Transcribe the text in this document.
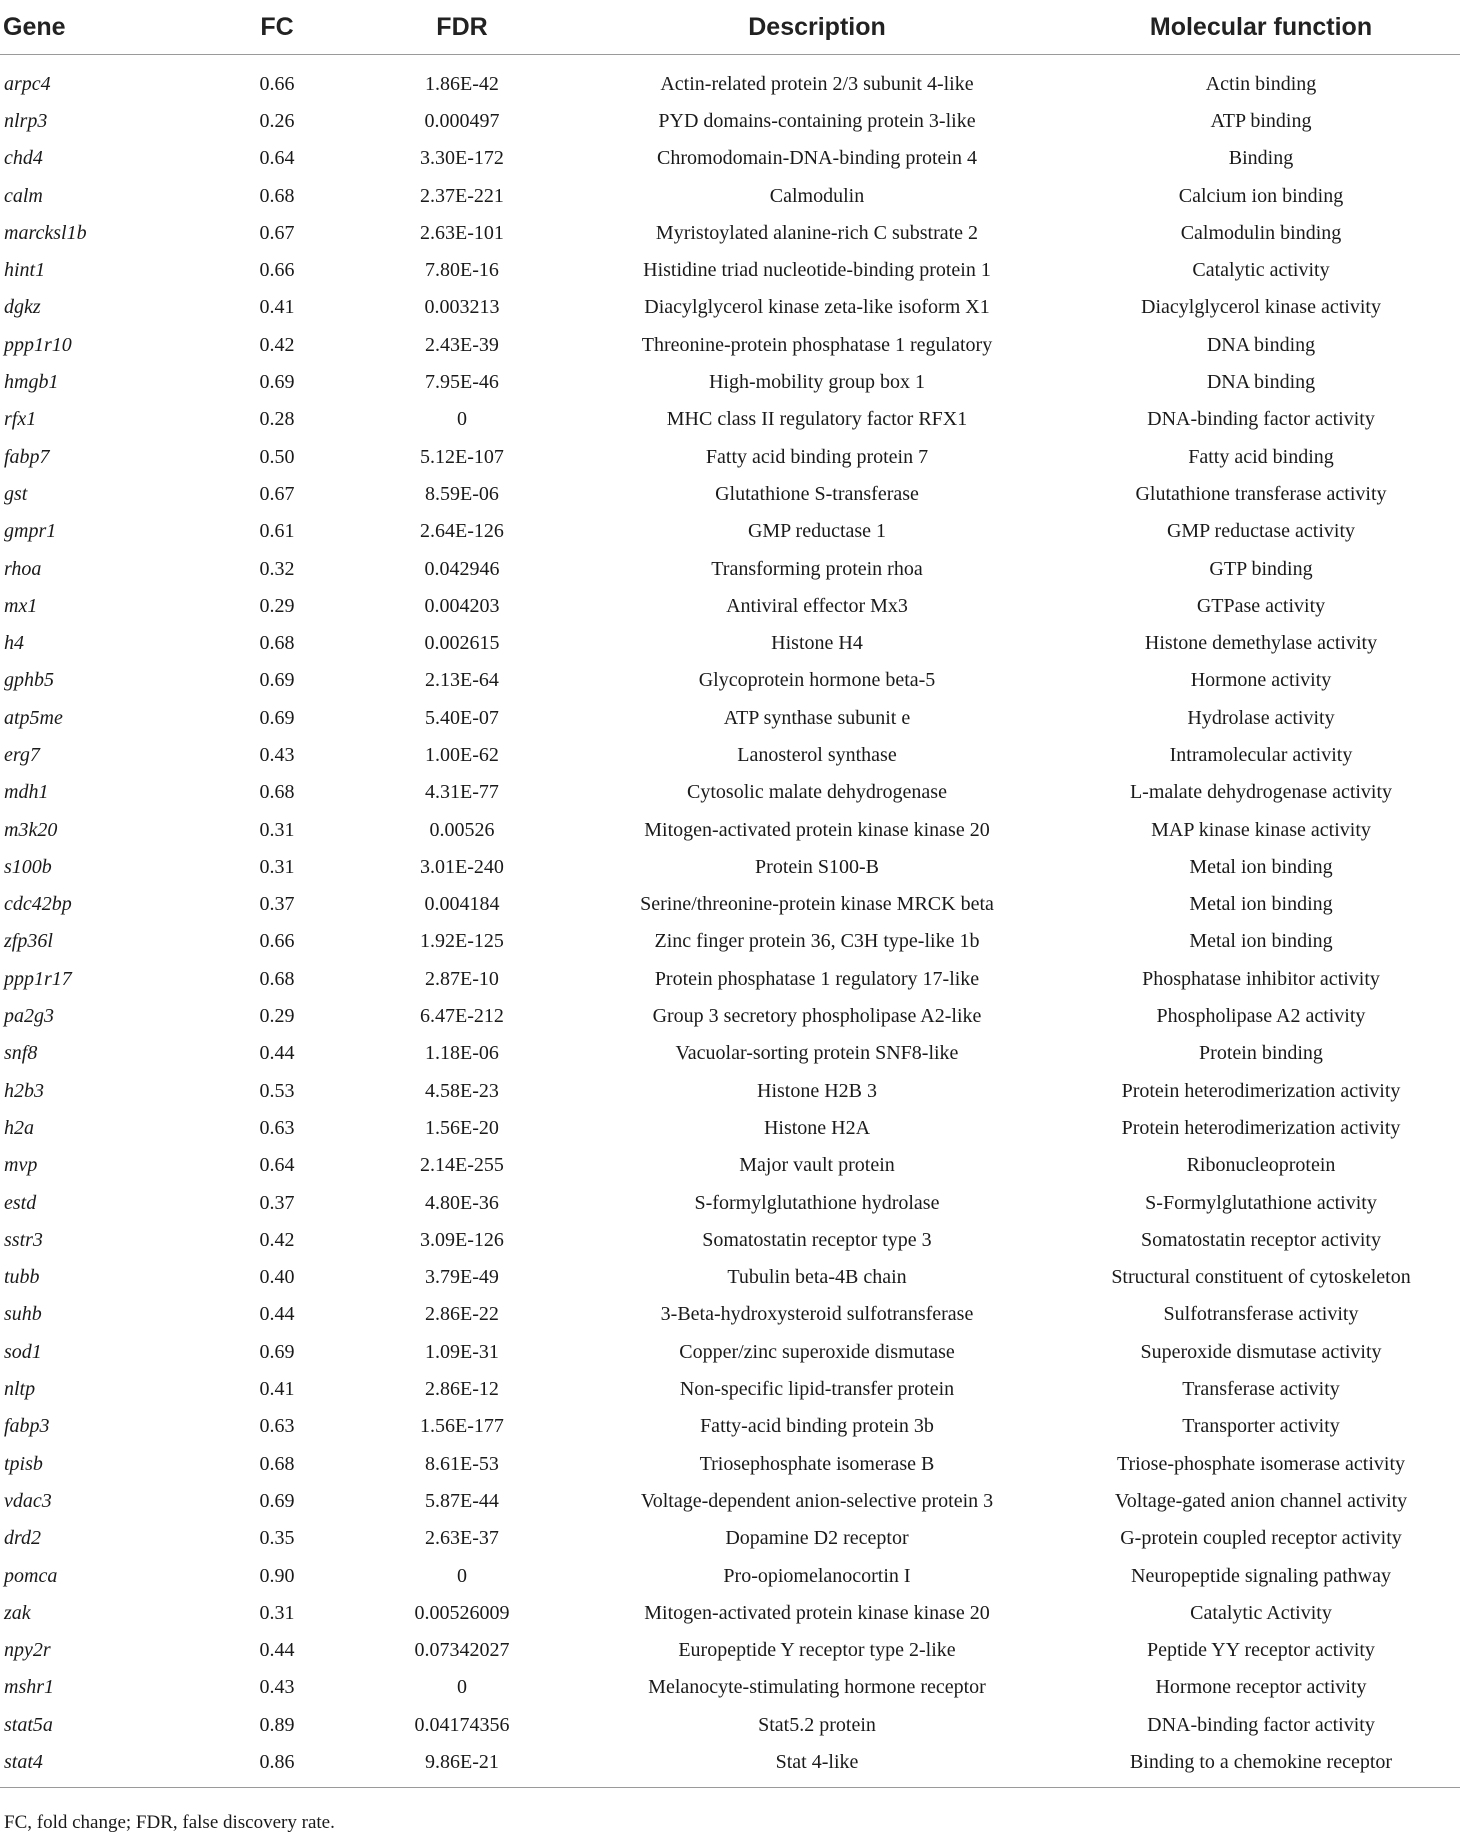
Gene	FC	FDR	Description	Molecular function

arpc4	0.66	1.86E-42	Actin-related protein 2/3 subunit 4-like	Actin binding
nlrp3	0.26	0.000497	PYD domains-containing protein 3-like	ATP binding
chd4	0.64	3.30E-172	Chromodomain-DNA-binding protein 4	Binding
calm	0.68	2.37E-221	Calmodulin	Calcium ion binding
marcksl1b	0.67	2.63E-101	Myristoylated alanine-rich C substrate 2	Calmodulin binding
hint1	0.66	7.80E-16	Histidine triad nucleotide-binding protein 1	Catalytic activity
dgkz	0.41	0.003213	Diacylglycerol kinase zeta-like isoform X1	Diacylglycerol kinase activity
ppp1r10	0.42	2.43E-39	Threonine-protein phosphatase 1 regulatory	DNA binding
hmgb1	0.69	7.95E-46	High-mobility group box 1	DNA binding
rfx1	0.28	0	MHC class II regulatory factor RFX1	DNA-binding factor activity
fabp7	0.50	5.12E-107	Fatty acid binding protein 7	Fatty acid binding
gst	0.67	8.59E-06	Glutathione S-transferase	Glutathione transferase activity
gmpr1	0.61	2.64E-126	GMP reductase 1	GMP reductase activity
rhoa	0.32	0.042946	Transforming protein rhoa	GTP binding
mx1	0.29	0.004203	Antiviral effector Mx3	GTPase activity
h4	0.68	0.002615	Histone H4	Histone demethylase activity
gphb5	0.69	2.13E-64	Glycoprotein hormone beta-5	Hormone activity
atp5me	0.69	5.40E-07	ATP synthase subunit e	Hydrolase activity
erg7	0.43	1.00E-62	Lanosterol synthase	Intramolecular activity
mdh1	0.68	4.31E-77	Cytosolic malate dehydrogenase	L-malate dehydrogenase activity
m3k20	0.31	0.00526	Mitogen-activated protein kinase kinase 20	MAP kinase kinase activity
s100b	0.31	3.01E-240	Protein S100-B	Metal ion binding
cdc42bp	0.37	0.004184	Serine/threonine-protein kinase MRCK beta	Metal ion binding
zfp36l	0.66	1.92E-125	Zinc finger protein 36, C3H type-like 1b	Metal ion binding
ppp1r17	0.68	2.87E-10	Protein phosphatase 1 regulatory 17-like	Phosphatase inhibitor activity
pa2g3	0.29	6.47E-212	Group 3 secretory phospholipase A2-like	Phospholipase A2 activity
snf8	0.44	1.18E-06	Vacuolar-sorting protein SNF8-like	Protein binding
h2b3	0.53	4.58E-23	Histone H2B 3	Protein heterodimerization activity
h2a	0.63	1.56E-20	Histone H2A	Protein heterodimerization activity
mvp	0.64	2.14E-255	Major vault protein	Ribonucleoprotein
estd	0.37	4.80E-36	S-formylglutathione hydrolase	S-Formylglutathione activity
sstr3	0.42	3.09E-126	Somatostatin receptor type 3	Somatostatin receptor activity
tubb	0.40	3.79E-49	Tubulin beta-4B chain	Structural constituent of cytoskeleton
suhb	0.44	2.86E-22	3-Beta-hydroxysteroid sulfotransferase	Sulfotransferase activity
sod1	0.69	1.09E-31	Copper/zinc superoxide dismutase	Superoxide dismutase activity
nltp	0.41	2.86E-12	Non-specific lipid-transfer protein	Transferase activity
fabp3	0.63	1.56E-177	Fatty-acid binding protein 3b	Transporter activity
tpisb	0.68	8.61E-53	Triosephosphate isomerase B	Triose-phosphate isomerase activity
vdac3	0.69	5.87E-44	Voltage-dependent anion-selective protein 3	Voltage-gated anion channel activity
drd2	0.35	2.63E-37	Dopamine D2 receptor	G-protein coupled receptor activity
pomca	0.90	0	Pro-opiomelanocortin I	Neuropeptide signaling pathway
zak	0.31	0.00526009	Mitogen-activated protein kinase kinase 20	Catalytic Activity
npy2r	0.44	0.07342027	Europeptide Y receptor type 2-like	Peptide YY receptor activity
mshr1	0.43	0	Melanocyte-stimulating hormone receptor	Hormone receptor activity
stat5a	0.89	0.04174356	Stat5.2 protein	DNA-binding factor activity
stat4	0.86	9.86E-21	Stat 4-like	Binding to a chemokine receptor
FC, fold change; FDR, false discovery rate.
